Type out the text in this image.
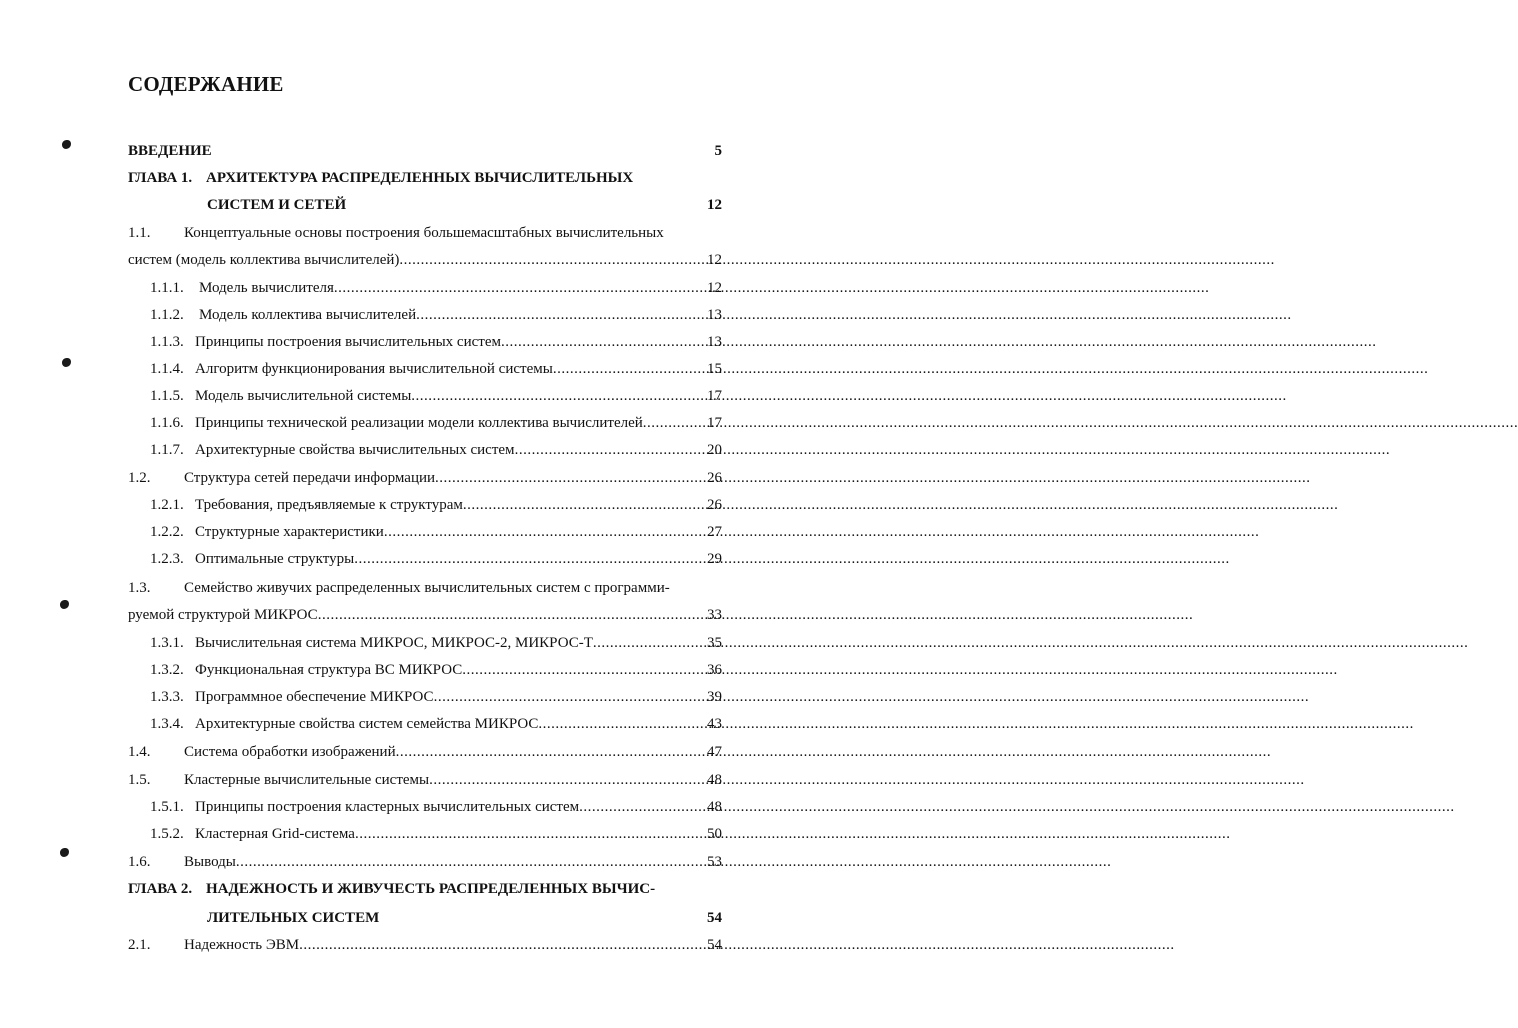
СОДЕРЖАНИЕ
ВВЕДЕНИЕ	5
ГЛАВА 1. АРХИТЕКТУРА РАСПРЕДЕЛЕННЫХ ВЫЧИСЛИТЕЛЬНЫХ
СИСТЕМ И СЕТЕЙ	12
1.1.	Концептуальные основы построения большемасштабных вычислительных
систем (модель коллектива вычислителей) .....	12
1.1.1.	Модель вычислителя .....	12
1.1.2.	Модель коллектива вычислителей .....	13
1.1.3. Принципы построения вычислительных систем .....	13
1.1.4. Алгоритм функционирования вычислительной системы .....	15
1.1.5. Модель вычислительной системы .....	17
1.1.6. Принципы технической реализации модели коллектива вычислителей .....	17
1.1.7. Архитектурные свойства вычислительных систем .....	20
1.2.	Структура сетей передачи информации .....	26
1.2.1. Требования, предъявляемые к структурам .....	26
1.2.2. Структурные характеристики .....	27
1.2.3. Оптимальные структуры .....	29
1.3.	Семейство живучих распределенных вычислительных систем с программи-
руемой структурой МИКРОС .....	33
1.3.1. Вычислительная система МИКРОС, МИКРОС-2, МИКРОС-Т .....	35
1.3.2. Функциональная структура ВС МИКРОС .....	36
1.3.3. Программное обеспечение МИКРОС .....	39
1.3.4. Архитектурные свойства систем семейства МИКРОС .....	43
1.4.	Система обработки изображений .....	47
1.5.	Кластерные вычислительные системы .....	48
1.5.1. Принципы построения кластерных вычислительных систем .....	48
1.5.2. Кластерная Grid-система .....	50
1.6.	Выводы .....	53
ГЛАВА 2. НАДЕЖНОСТЬ И ЖИВУЧЕСТЬ РАСПРЕДЕЛЕННЫХ ВЫЧИС-
ЛИТЕЛЬНЫХ СИСТЕМ	54
2.1.	Надежность ЭВМ .....	54
